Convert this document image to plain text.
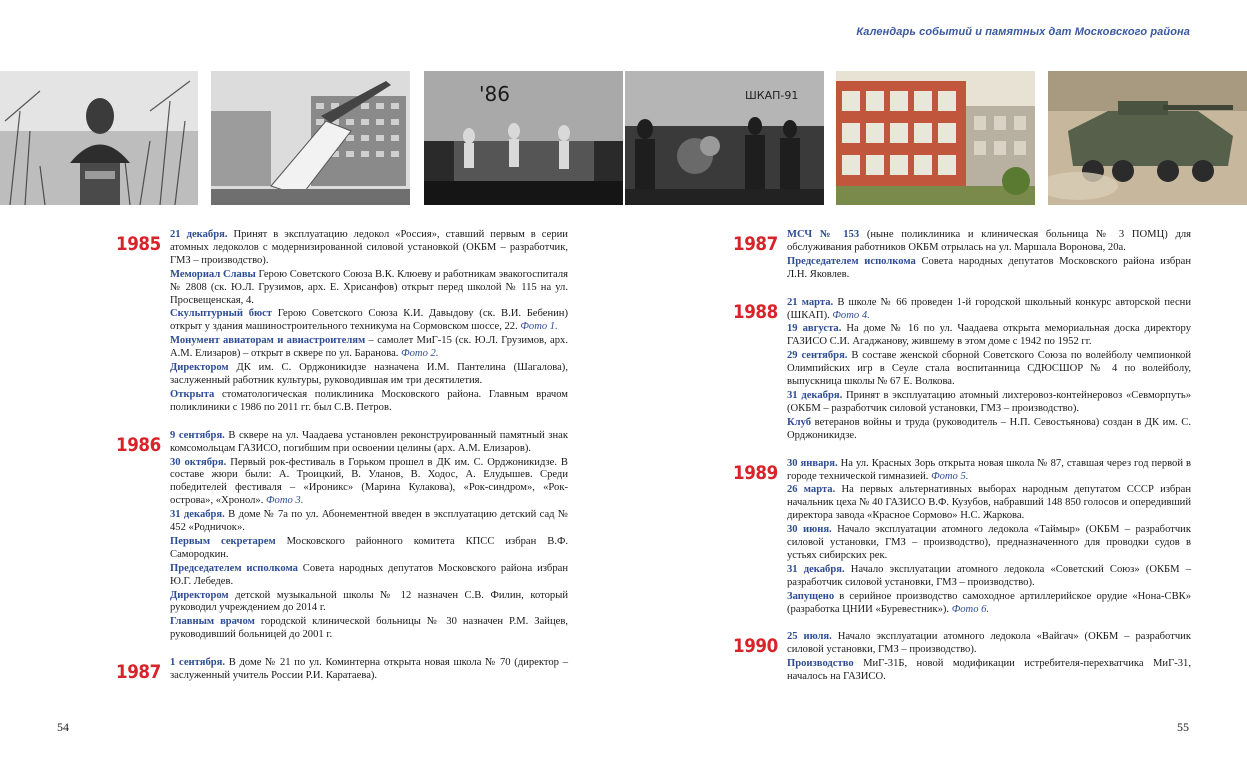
Календарь событий и памятных дат Московского района
'86	ШКАП-91
1985 21 декабря. Принят в эксплуатацию ледокол «Россия», ставший первым в серии атомных ледоколов с модернизированной силовой установкой (ОКБМ – разработчик, ГМЗ – производство).

Мемориал Славы Герою Советского Союза В.К. Клюеву и работникам эвакогоспиталя № 2808 (ск. Ю.Л. Грузимов, арх. Е. Хрисанфов) открыт перед школой № 115 на ул. Просвещенская, 4.

Скульптурный бюст Герою Советского Союза К.И. Давыдову (ск. В.И. Бебенин) открыт у здания машиностроительного техникума на Сормовском шоссе, 22. Фото 1.

Монумент авиаторам и авиастроителям – самолет МиГ-15 (ск. Ю.Л. Грузимов, арх. А.М. Елизаров) – открыт в сквере по ул. Баранова. Фото 2.

Директором ДК им. С. Орджоникидзе назначена И.М. Пантелина (Шагалова), заслуженный работник культуры, руководившая им три десятилетия.

Открыта стоматологическая поликлиника Московского района. Главным врачом поликлиники с 1986 по 2011 гг. был С.В. Петров.

1986 9 сентября. В сквере на ул. Чаадаева установлен реконструированный памятный знак комсомольцам ГАЗИСО, погибшим при освоении целины (арх. А.М. Елизаров).

30 октября. Первый рок-фестиваль в Горьком прошел в ДК им. С. Орджоникидзе. В составе жюри были: А. Троицкий, В. Уланов, В. Ходос, А. Елудышев. Среди победителей фестиваля – «Ироникс» (Марина Кулакова), «Рок-синдром», «Рок-острова», «Хронол». Фото 3.

31 декабря. В доме № 7а по ул. Абонементной введен в эксплуатацию детский сад № 452 «Родничок».

Первым секретарем Московского районного комитета КПСС избран В.Ф. Самородкин.

Председателем исполкома Совета народных депутатов Московского района избран Ю.Г. Лебедев.

Директором детской музыкальной школы № 12 назначен С.В. Филин, который руководил учреждением до 2014 г.

Главным врачом городской клинической больницы № 30 назначен Р.М. Зайцев, руководивший больницей до 2001 г.

1987 1 сентября. В доме № 21 по ул. Коминтерна открыта новая школа № 70 (директор – заслуженный учитель России Р.И. Каратаева).

1987 МСЧ № 153 (ныне поликлиника и клиническая больница № 3 ПОМЦ) для обслуживания работников ОКБМ отрылась на ул. Маршала Воронова, 20а.

Председателем исполкома Совета народных депутатов Московского района избран Л.Н. Яковлев.

1988 21 марта. В школе № 66 проведен 1-й городской школьный конкурс авторской песни (ШКАП). Фото 4.

19 августа. На доме № 16 по ул. Чаадаева открыта мемориальная доска директору ГАЗИСО С.И. Агаджанову, жившему в этом доме с 1942 по 1952 гг.

29 сентября. В составе женской сборной Советского Союза по волейболу чемпионкой Олимпийских игр в Сеуле стала воспитанница СДЮСШОР № 4 по волейболу, выпускница школы № 67 Е. Волкова.

31 декабря. Принят в эксплуатацию атомный лихтеровоз-контейнеровоз «Севморпуть» (ОКБМ – разработчик силовой установки, ГМЗ – производство).

Клуб ветеранов войны и труда (руководитель – Н.П. Севостьянова) создан в ДК им. С. Орджоникидзе.

1989 30 января. На ул. Красных Зорь открыта новая школа № 87, ставшая через год первой в городе технической гимназией. Фото 5.

26 марта. На первых альтернативных выборах народным депутатом СССР избран начальник цеха № 40 ГАЗИСО В.Ф. Кузубов, набравший 148 850 голосов и опередивший директора завода «Красное Сормово» Н.С. Жаркова.

30 июня. Начало эксплуатации атомного ледокола «Таймыр» (ОКБМ – разработчик силовой установки, ГМЗ – производство), предназначенного для проводки судов в устьях сибирских рек.

31 декабря. Начало эксплуатации атомного ледокола «Советский Союз» (ОКБМ – разработчик силовой установки, ГМЗ – производство).

Запущено в серийное производство самоходное артиллерийское орудие «Нона-СВК» (разработка ЦНИИ «Буревестник»). Фото 6.

1990 25 июля. Начало эксплуатации атомного ледокола «Вайгач» (ОКБМ – разработчик силовой установки, ГМЗ – производство).

Производство МиГ-31Б, новой модификации истребителя-перехватчика МиГ-31, началось на ГАЗИСО.

54	55
